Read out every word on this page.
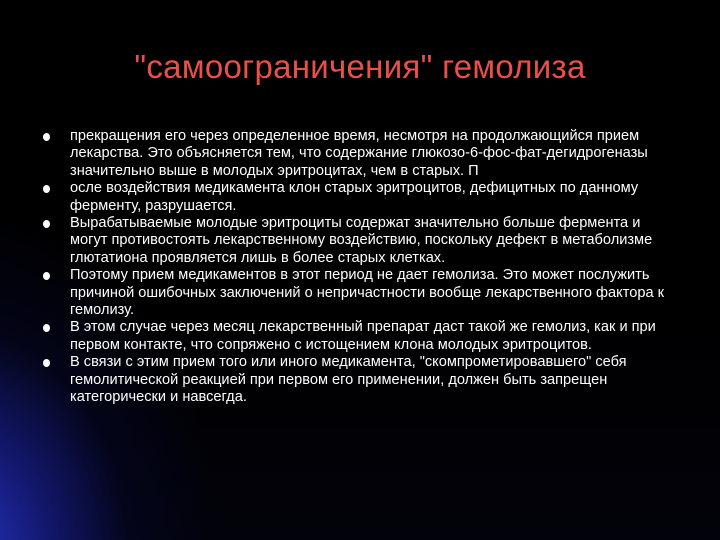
"самоограничения" гемолиза
прекращения его через определенное время, несмотря на продолжающийся прием лекарства. Это объясняется тем, что содержание глюкозо-6-фос-фат-дегидрогеназы значительно выше в молодых эритроцитах, чем в старых. П
осле воздействия медикамента клон старых эритроцитов, дефицитных по данному ферменту, разрушается.
Вырабатываемые молодые эритроциты содержат значительно больше фермента и могут противостоять лекарственному воздействию, поскольку дефект в метаболизме глютатиона проявляется лишь в более старых клетках.
Поэтому прием медикаментов в этот период не дает гемолиза. Это может послужить причиной ошибочных заключений о непричастности вообще лекарственного фактора к гемолизу.
В этом случае через месяц лекарственный препарат даст такой же гемолиз, как и при первом контакте, что сопряжено с истощением клона молодых эритроцитов.
В связи с этим прием того или иного медикамента, "скомпрометировавшего" себя гемолитической реакцией при первом его применении, должен быть запрещен категорически и навсегда.
